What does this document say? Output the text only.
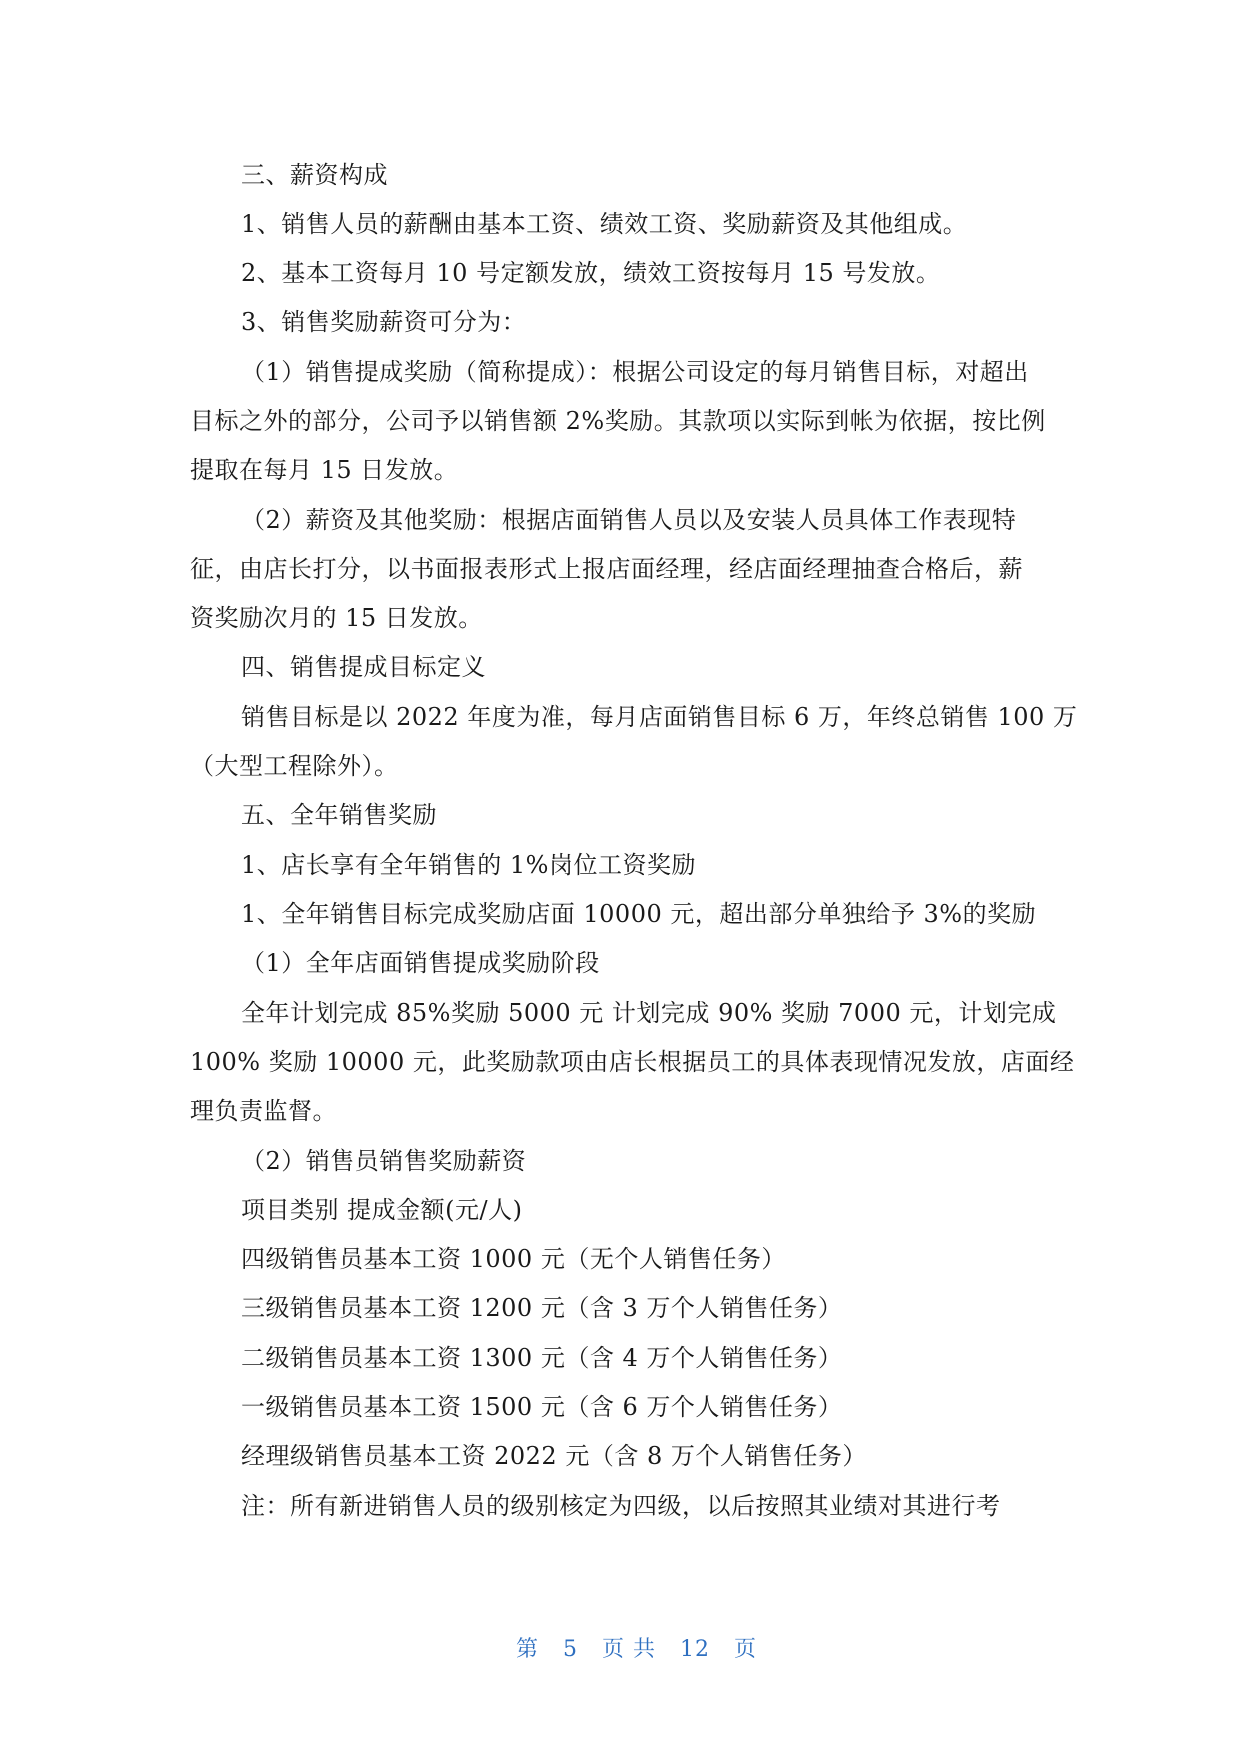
三、薪资构成
1、销售人员的薪酬由基本工资、绩效工资、奖励薪资及其他组成。
2、基本工资每月 10 号定额发放，绩效工资按每月 15 号发放。
3、销售奖励薪资可分为：
（1）销售提成奖励（简称提成）：根据公司设定的每月销售目标，对超出
目标之外的部分，公司予以销售额 2%奖励。其款项以实际到帐为依据，按比例
提取在每月 15 日发放。
（2）薪资及其他奖励：根据店面销售人员以及安装人员具体工作表现特
征，由店长打分，以书面报表形式上报店面经理，经店面经理抽查合格后，薪
资奖励次月的 15 日发放。
四、销售提成目标定义
销售目标是以 2022 年度为准，每月店面销售目标 6 万，年终总销售 100 万
（大型工程除外）。
五、全年销售奖励
1、店长享有全年销售的 1%岗位工资奖励
1、全年销售目标完成奖励店面 10000 元，超出部分单独给予 3%的奖励
（1）全年店面销售提成奖励阶段
全年计划完成 85%奖励 5000 元 计划完成 90% 奖励 7000 元，计划完成
100% 奖励 10000 元，此奖励款项由店长根据员工的具体表现情况发放，店面经
理负责监督。
（2）销售员销售奖励薪资
项目类别 提成金额(元/人)
四级销售员基本工资 1000 元（无个人销售任务）
三级销售员基本工资 1200 元（含 3 万个人销售任务）
二级销售员基本工资 1300 元（含 4 万个人销售任务）
一级销售员基本工资 1500 元（含 6 万个人销售任务）
经理级销售员基本工资 2022 元（含 8 万个人销售任务）
注：所有新进销售人员的级别核定为四级，以后按照其业绩对其进行考

第 5 页 共 12 页
